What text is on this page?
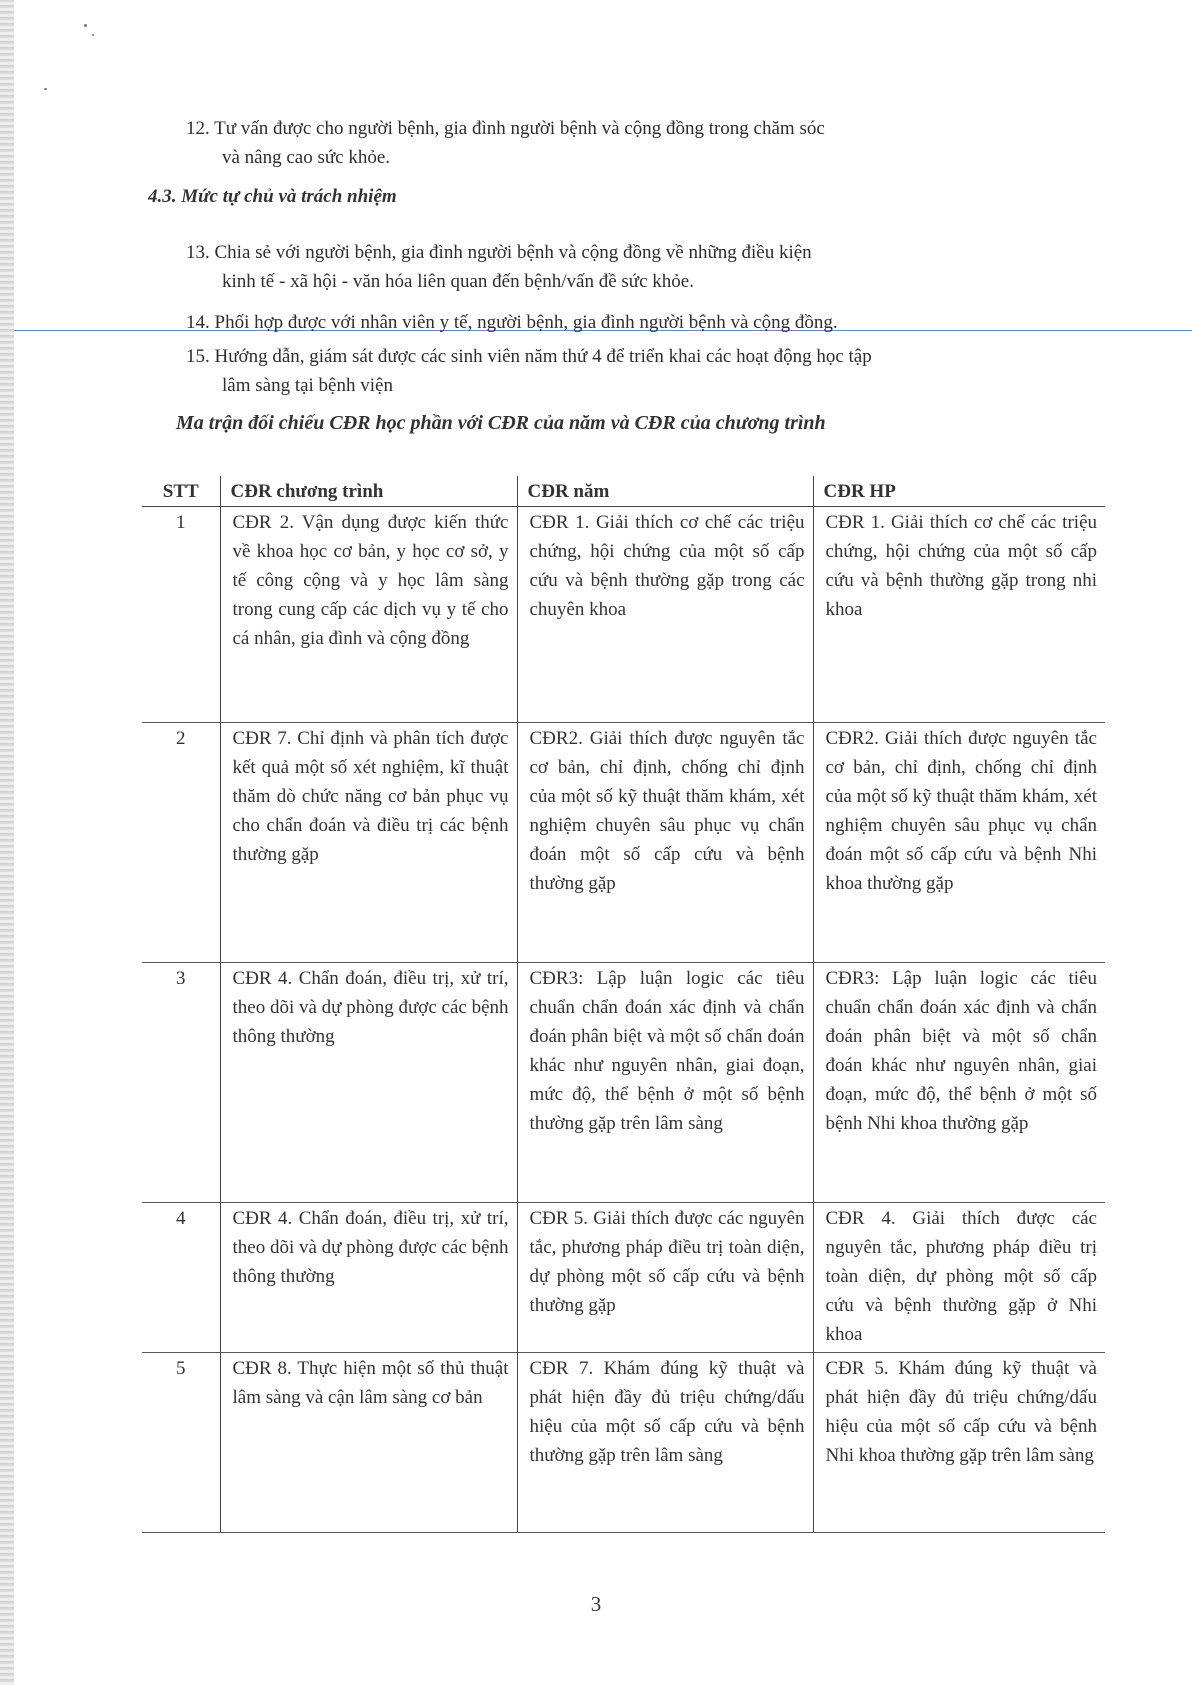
12. Tư vấn được cho người bệnh, gia đình người bệnh và cộng đồng trong chăm sóc
và nâng cao sức khỏe.
4.3. Mức tự chủ và trách nhiệm
13. Chia sẻ với người bệnh, gia đình người bệnh và cộng đồng về những điều kiện
kinh tế - xã hội - văn hóa liên quan đến bệnh/vấn đề sức khỏe.
14. Phối hợp được với nhân viên y tế, người bệnh, gia đình người bệnh và cộng đồng.
15. Hướng dẫn, giám sát được các sinh viên năm thứ 4 để triển khai các hoạt động học tập
lâm sàng tại bệnh viện
Ma trận đối chiếu CĐR học phần với CĐR của năm và CĐR của chương trình
STT	CĐR chương trình	CĐR năm	CĐR HP
1	CĐR 2. Vận dụng được kiến thức về khoa học cơ bản, y học cơ sở, y tế công cộng và y học lâm sàng trong cung cấp các dịch vụ y tế cho cá nhân, gia đình và cộng đồng	CĐR 1. Giải thích cơ chế các triệu chứng, hội chứng của một số cấp cứu và bệnh thường gặp trong các chuyên khoa	CĐR 1. Giải thích cơ chế các triệu chứng, hội chứng của một số cấp cứu và bệnh thường gặp trong nhi khoa
2	CĐR 7. Chỉ định và phân tích được kết quả một số xét nghiệm, kĩ thuật thăm dò chức năng cơ bản phục vụ cho chẩn đoán và điều trị các bệnh thường gặp	CĐR2. Giải thích được nguyên tắc cơ bản, chỉ định, chống chỉ định của một số kỹ thuật thăm khám, xét nghiệm chuyên sâu phục vụ chẩn đoán một số cấp cứu và bệnh thường gặp	CĐR2. Giải thích được nguyên tắc cơ bản, chỉ định, chống chỉ định của một số kỹ thuật thăm khám, xét nghiệm chuyên sâu phục vụ chẩn đoán một số cấp cứu và bệnh Nhi khoa thường gặp
3	CĐR 4. Chẩn đoán, điều trị, xử trí, theo dõi và dự phòng được các bệnh thông thường	CĐR3: Lập luận logic các tiêu chuẩn chẩn đoán xác định và chẩn đoán phân biệt và một số chẩn đoán khác như nguyên nhân, giai đoạn, mức độ, thể bệnh ở một số bệnh thường gặp trên lâm sàng	CĐR3: Lập luận logic các tiêu chuẩn chẩn đoán xác định và chẩn đoán phân biệt và một số chẩn đoán khác như nguyên nhân, giai đoạn, mức độ, thể bệnh ở một số bệnh Nhi khoa thường gặp
4	CĐR 4. Chẩn đoán, điều trị, xử trí, theo dõi và dự phòng được các bệnh thông thường	CĐR 5. Giải thích được các nguyên tắc, phương pháp điều trị toàn diện, dự phòng một số cấp cứu và bệnh thường gặp	CĐR 4. Giải thích được các nguyên tắc, phương pháp điều trị toàn diện, dự phòng một số cấp cứu và bệnh thường gặp ở Nhi khoa
5	CĐR 8. Thực hiện một số thủ thuật lâm sàng và cận lâm sàng cơ bản	CĐR 7. Khám đúng kỹ thuật và phát hiện đầy đủ triệu chứng/dấu hiệu của một số cấp cứu và bệnh thường gặp trên lâm sàng	CĐR 5. Khám đúng kỹ thuật và phát hiện đầy đủ triệu chứng/dấu hiệu của một số cấp cứu và bệnh Nhi khoa thường gặp trên lâm sàng
3
